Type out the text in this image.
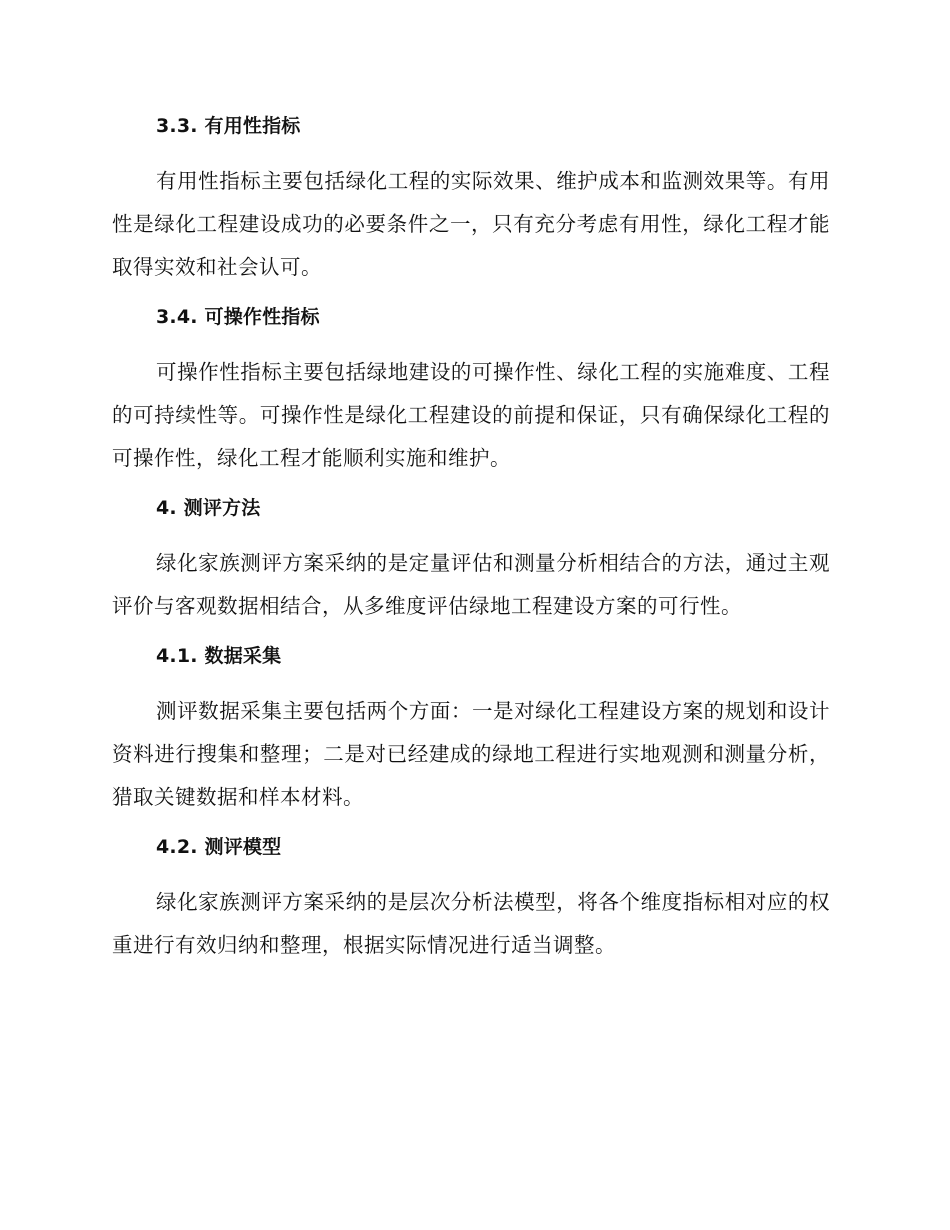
3.3. 有用性指标

有用性指标主要包括绿化工程的实际效果、维护成本和监测效果等。有用性是绿化工程建设成功的必要条件之一，只有充分考虑有用性，绿化工程才能取得实效和社会认可。

3.4. 可操作性指标

可操作性指标主要包括绿地建设的可操作性、绿化工程的实施难度、工程的可持续性等。可操作性是绿化工程建设的前提和保证，只有确保绿化工程的可操作性，绿化工程才能顺利实施和维护。

4. 测评方法

绿化家族测评方案采纳的是定量评估和测量分析相结合的方法，通过主观评价与客观数据相结合，从多维度评估绿地工程建设方案的可行性。

4.1. 数据采集

测评数据采集主要包括两个方面：一是对绿化工程建设方案的规划和设计资料进行搜集和整理；二是对已经建成的绿地工程进行实地观测和测量分析，猎取关键数据和样本材料。

4.2. 测评模型

绿化家族测评方案采纳的是层次分析法模型，将各个维度指标相对应的权重进行有效归纳和整理，根据实际情况进行适当调整。
